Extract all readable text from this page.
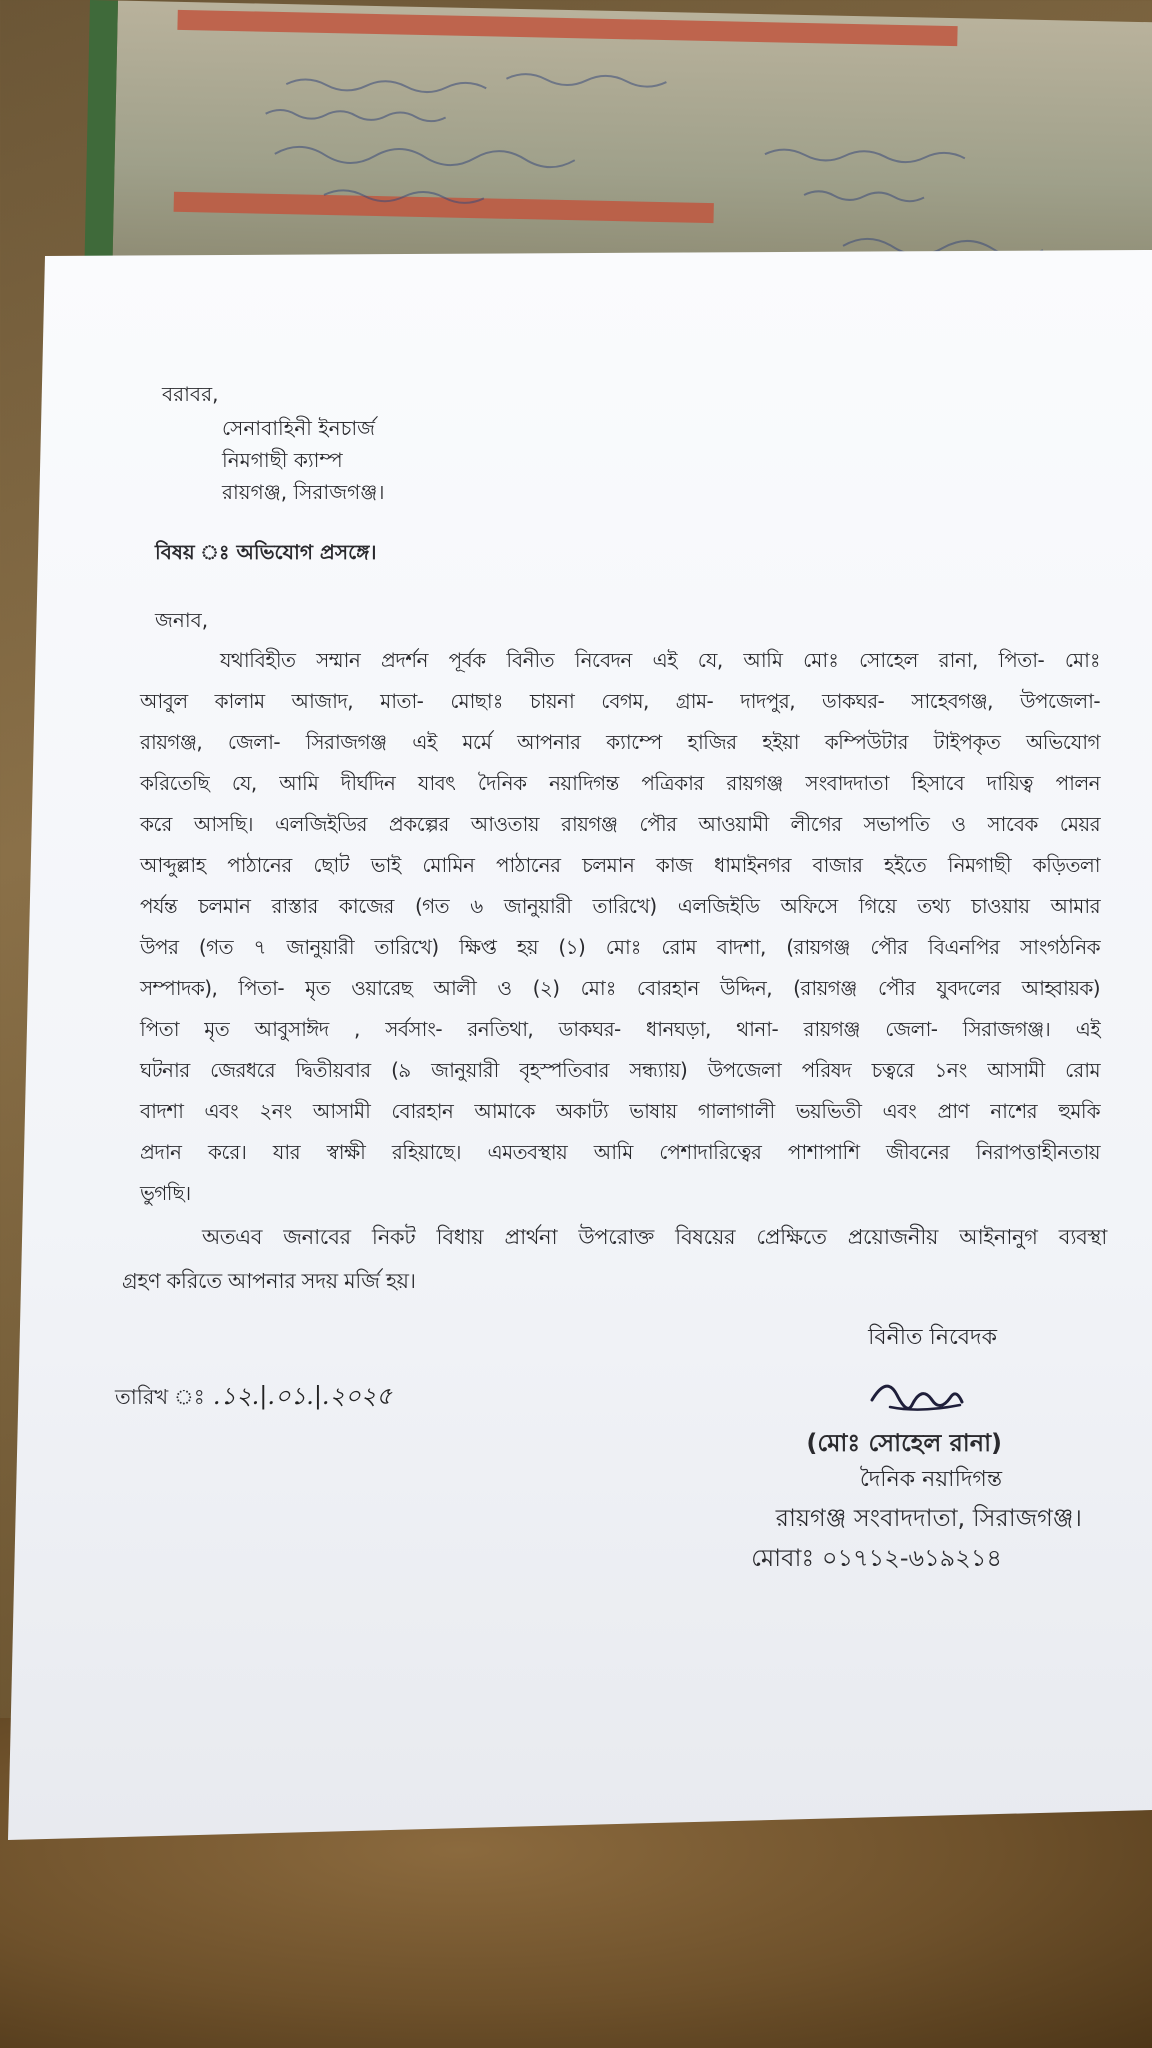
বরাবর,
সেনাবাহিনী ইনচার্জ
নিমগাছী ক্যাম্প
রায়গঞ্জ, সিরাজগঞ্জ।
বিষয় ঃ অভিযোগ প্রসঙ্গে।
জনাব,
যথাবিহীত সম্মান প্রদর্শন পূর্বক বিনীত নিবেদন এই যে, আমি মোঃ সোহেল রানা, পিতা- মোঃ
আবুল কালাম আজাদ, মাতা- মোছাঃ চায়না বেগম, গ্রাম- দাদপুর, ডাকঘর- সাহেবগঞ্জ, উপজেলা-
রায়গঞ্জ, জেলা- সিরাজগঞ্জ এই মর্মে আপনার ক্যাম্পে হাজির হইয়া কম্পিউটার টাইপকৃত অভিযোগ
করিতেছি যে, আমি দীর্ঘদিন যাবৎ দৈনিক নয়াদিগন্ত পত্রিকার রায়গঞ্জ সংবাদদাতা হিসাবে দায়িত্ব পালন
করে আসছি। এলজিইডির প্রকল্পের আওতায় রায়গঞ্জ পৌর আওয়ামী লীগের সভাপতি ও সাবেক মেয়র
আব্দুল্লাহ পাঠানের ছোট ভাই মোমিন পাঠানের চলমান কাজ ধামাইনগর বাজার হইতে নিমগাছী কড়িতলা
পর্যন্ত চলমান রাস্তার কাজের (গত ৬ জানুয়ারী তারিখে) এলজিইডি অফিসে গিয়ে তথ্য চাওয়ায় আমার
উপর (গত ৭ জানুয়ারী তারিখে) ক্ষিপ্ত হয় (১) মোঃ রোম বাদশা, (রায়গঞ্জ পৌর বিএনপির সাংগঠনিক
সম্পাদক), পিতা- মৃত ওয়ারেছ আলী ও (২) মোঃ বোরহান উদ্দিন, (রায়গঞ্জ পৌর যুবদলের আহ্বায়ক)
পিতা মৃত আবুসাঈদ , সর্বসাং- রনতিথা, ডাকঘর- ধানঘড়া, থানা- রায়গঞ্জ জেলা- সিরাজগঞ্জ। এই
ঘটনার জেরধরে দ্বিতীয়বার (৯ জানুয়ারী বৃহস্পতিবার সন্ধ্যায়) উপজেলা পরিষদ চত্বরে ১নং আসামী রোম
বাদশা এবং ২নং আসামী বোরহান আমাকে অকাট্য ভাষায় গালাগালী ভয়ভিতী এবং প্রাণ নাশের হুমকি
প্রদান করে। যার স্বাক্ষী রহিয়াছে। এমতবস্থায় আমি পেশাদারিত্বের পাশাপাশি জীবনের নিরাপত্তাহীনতায়
ভুগছি।
অতএব জনাবের নিকট বিধায় প্রার্থনা উপরোক্ত বিষয়ের প্রেক্ষিতে প্রয়োজনীয় আইনানুগ ব্যবস্থা
গ্রহণ করিতে আপনার সদয় মর্জি হয়।
বিনীত নিবেদক
তারিখ ঃ .১২.|.০১.|.২০২৫
(মোঃ সোহেল রানা)
দৈনিক নয়াদিগন্ত
রায়গঞ্জ সংবাদদাতা, সিরাজগঞ্জ।
মোবাঃ ০১৭১২-৬১৯২১৪
